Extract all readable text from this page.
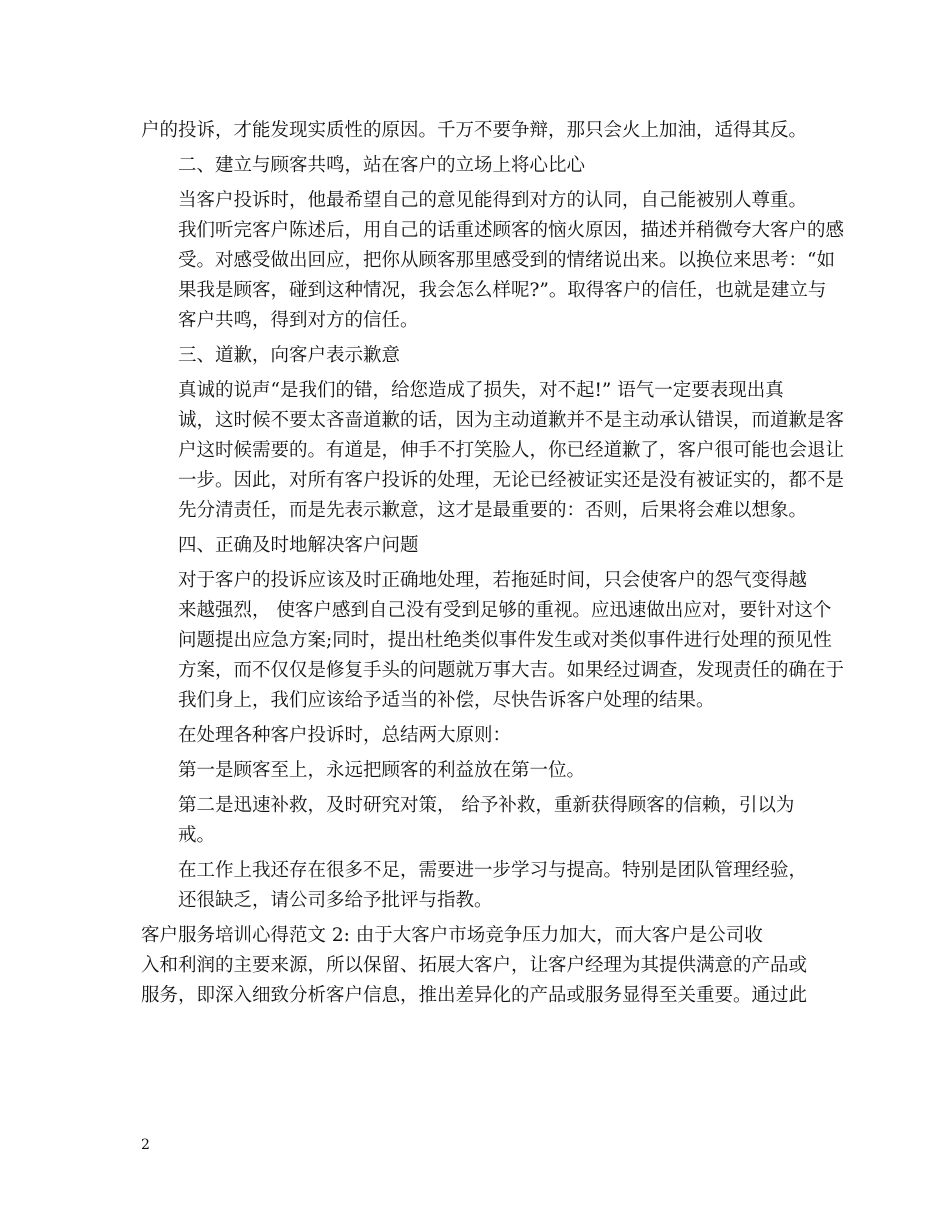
户的投诉，才能发现实质性的原因。千万不要争辩，那只会火上加油，适得其反。
二、建立与顾客共鸣，站在客户的立场上将心比心
当客户投诉时，他最希望自己的意见能得到对方的认同，自己能被别人尊重。
我们听完客户陈述后，用自己的话重述顾客的恼火原因，描述并稍微夸大客户的感
受。对感受做出回应，把你从顾客那里感受到的情绪说出来。以换位来思考：“如
果我是顾客，碰到这种情况，我会怎么样呢?”。取得客户的信任，也就是建立与
客户共鸣，得到对方的信任。
三、道歉，向客户表示歉意
真诚的说声“是我们的错，给您造成了损失，对不起!” 语气一定要表现出真
诚，这时候不要太吝啬道歉的话，因为主动道歉并不是主动承认错误，而道歉是客
户这时候需要的。有道是，伸手不打笑脸人，你已经道歉了，客户很可能也会退让
一步。因此，对所有客户投诉的处理，无论已经被证实还是没有被证实的，都不是
先分清责任，而是先表示歉意，这才是最重要的：否则，后果将会难以想象。
四、正确及时地解决客户问题
对于客户的投诉应该及时正确地处理，若拖延时间，只会使客户的怨气变得越
来越强烈， 使客户感到自己没有受到足够的重视。应迅速做出应对，要针对这个
问题提出应急方案;同时，提出杜绝类似事件发生或对类似事件进行处理的预见性
方案，而不仅仅是修复手头的问题就万事大吉。如果经过调查，发现责任的确在于
我们身上，我们应该给予适当的补偿，尽快告诉客户处理的结果。
在处理各种客户投诉时，总结两大原则：
第一是顾客至上，永远把顾客的利益放在第一位。
第二是迅速补救，及时研究对策， 给予补救，重新获得顾客的信赖，引以为
戒。
在工作上我还存在很多不足，需要进一步学习与提高。特别是团队管理经验，
还很缺乏，请公司多给予批评与指教。
客户服务培训心得范文 2: 由于大客户市场竞争压力加大，而大客户是公司收
入和利润的主要来源，所以保留、拓展大客户，让客户经理为其提供满意的产品或
服务，即深入细致分析客户信息，推出差异化的产品或服务显得至关重要。通过此
2
